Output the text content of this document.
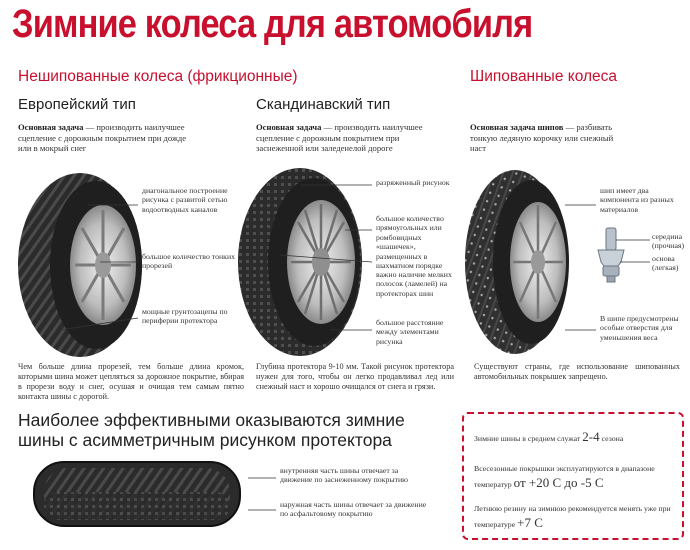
Зимние колеса для автомобиля
Нешипованные колеса (фрикционные)	Шипованные колеса
Европейский тип	Скандинавский тип
Основная задача — производить наилучшее сцепление с дорожным покрытием при дожде или в мокрый снег
Основная задача — производить наилучшее сцепление с дорожным покрытием при заснеженной или заледенелой дороге
Основная задача шипов — разбивать тонкую ледяную корочку или снежный наст
диагональное построение рисунка с развитой сетью водоотводных каналов
большое количество тонких прорезей
мощные грунтозацепы по периферии протектора
разряженный рисунок
большое количество прямоугольных или ромбовидных «шашечек», размещенных в шахматном порядке
важно наличие мелких полосок (ламелей) на протекторах шин
большое расстояние между элементами рисунка
шип имеет два компонента из разных материалов
середина (прочная)
основа (легкая)
В шипе предусмотрены особые отверстия для уменьшения веса
Чем больше длина прорезей, тем больше длина кромок, которыми шина может цепляться за дорожное покрытие, вбирая в прорези воду и снег, осушая и очищая тем самым пятно контакта шины с дорогой.
Глубина протектора 9-10 мм. Такой рисунок протектора нужен для того, чтобы он легко продавливал лед или снежный наст и хорошо очищался от снега и грязи.
Существуют страны, где использование шипованных автомобильных покрышек запрещено.
Наиболее эффективными оказываются зимние шины с асимметричным рисунком протектора
внутренняя часть шины отвечает за движение по заснеженному покрытию
наружная часть шины отвечает за движение по асфальтовому покрытию
Зимние шины в среднем служат 2-4 сезона
Всесезонные покрышки эксплуатируются в диапазоне температур от +20 С до -5 С
Летнюю резину на зимнюю рекомендуется менять уже при температуре +7 С
